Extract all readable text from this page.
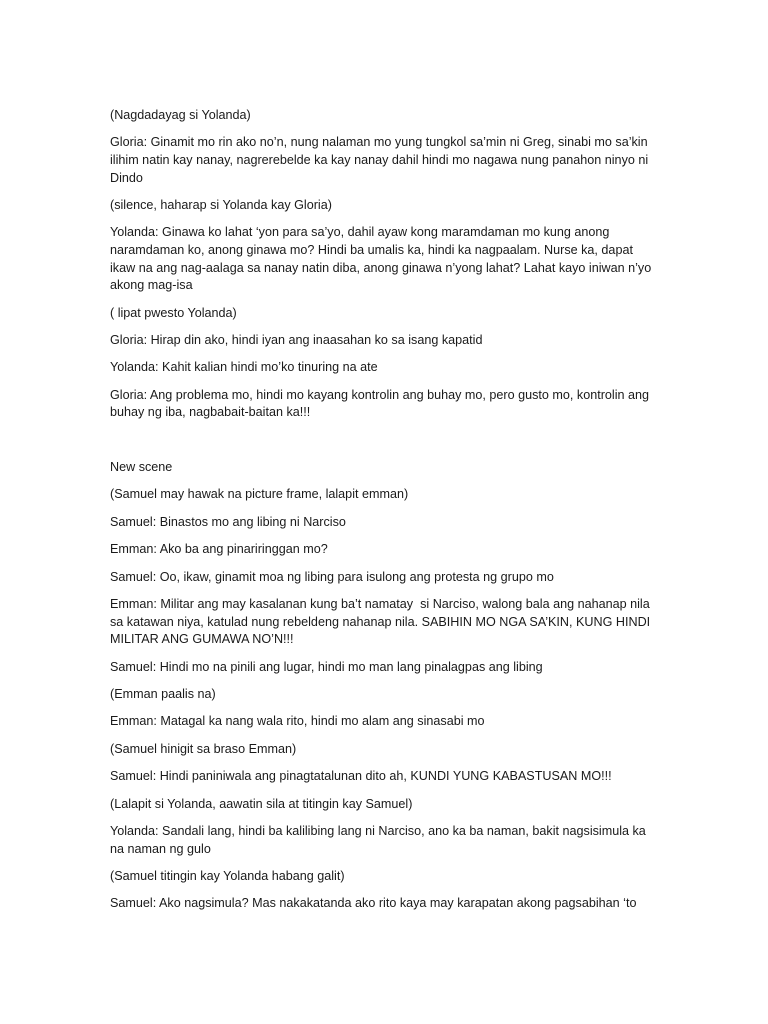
(Nagdadayag si Yolanda)

Gloria: Ginamit mo rin ako no’n, nung nalaman mo yung tungkol sa’min ni Greg, sinabi mo sa’kin ilihim natin kay nanay, nagrerebelde ka kay nanay dahil hindi mo nagawa nung panahon ninyo ni Dindo

(silence, haharap si Yolanda kay Gloria)

Yolanda: Ginawa ko lahat ‘yon para sa’yo, dahil ayaw kong maramdaman mo kung anong naramdaman ko, anong ginawa mo? Hindi ba umalis ka, hindi ka nagpaalam. Nurse ka, dapat ikaw na ang nag-aalaga sa nanay natin diba, anong ginawa n’yong lahat? Lahat kayo iniwan n’yo akong mag-isa

( lipat pwesto Yolanda)

Gloria: Hirap din ako, hindi iyan ang inaasahan ko sa isang kapatid

Yolanda: Kahit kalian hindi mo’ko tinuring na ate

Gloria: Ang problema mo, hindi mo kayang kontrolin ang buhay mo, pero gusto mo, kontrolin ang  buhay ng iba, nagbabait-baitan ka!!!

New scene

(Samuel may hawak na picture frame, lalapit emman)

Samuel: Binastos mo ang libing ni Narciso

Emman: Ako ba ang pinariringgan mo?

Samuel: Oo, ikaw, ginamit moa ng libing para isulong ang protesta ng grupo mo

Emman: Militar ang may kasalanan kung ba’t namatay  si Narciso, walong bala ang nahanap nila sa katawan niya, katulad nung rebeldeng nahanap nila. SABIHIN MO NGA SA’KIN, KUNG HINDI MILITAR ANG GUMAWA NO’N!!!

Samuel: Hindi mo na pinili ang lugar, hindi mo man lang pinalagpas ang libing

(Emman paalis na)

Emman: Matagal ka nang wala rito, hindi mo alam ang sinasabi mo

(Samuel hinigit sa braso Emman)

Samuel: Hindi paniniwala ang pinagtatalunan dito ah, KUNDI YUNG KABASTUSAN MO!!!

(Lalapit si Yolanda, aawatin sila at titingin kay Samuel)

Yolanda: Sandali lang, hindi ba kalilibing lang ni Narciso, ano ka ba naman, bakit nagsisimula ka na naman ng gulo

(Samuel titingin kay Yolanda habang galit)

Samuel: Ako nagsimula? Mas nakakatanda ako rito kaya may karapatan akong pagsabihan ‘to
